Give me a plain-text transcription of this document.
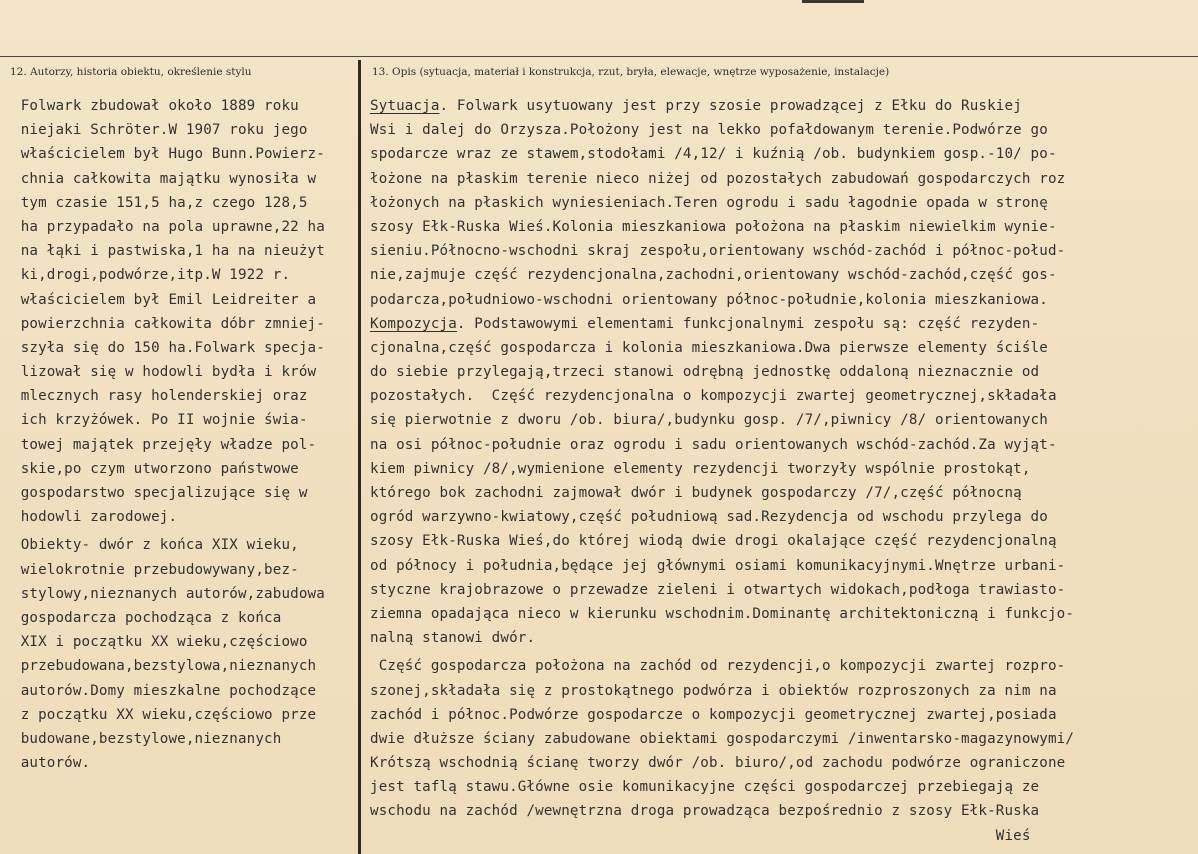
12. Autorzy, historia obiektu, określenie stylu	13. Opis (sytuacja, materiał i konstrukcja, rzut, bryła, elewacje, wnętrze wyposażenie, instalacje)
Folwark zbudował około 1889 roku
niejaki Schröter.W 1907 roku jego
właścicielem był Hugo Bunn.Powierz-
chnia całkowita majątku wynosiła w
tym czasie 151,5 ha,z czego 128,5
ha przypadało na pola uprawne,22 ha
na łąki i pastwiska,1 ha na nieużyt
ki,drogi,podwórze,itp.W 1922 r.
właścicielem był Emil Leidreiter a
powierzchnia całkowita dóbr zmniej-
szyła się do 150 ha.Folwark specja-
lizował się w hodowli bydła i krów
mlecznych rasy holenderskiej oraz
ich krzyżówek. Po II wojnie świa-
towej majątek przejęły władze pol-
skie,po czym utworzono państwowe
gospodarstwo specjalizujące się w
hodowli zarodowej.
Obiekty- dwór z końca XIX wieku,
wielokrotnie przebudowywany,bez-
stylowy,nieznanych autorów,zabudowa
gospodarcza pochodząca z końca
XIX i początku XX wieku,częściowo
przebudowana,bezstylowa,nieznanych
autorów.Domy mieszkalne pochodzące
z początku XX wieku,częściowo prze
budowane,bezstylowe,nieznanych
autorów.
Sytuacja. Folwark usytuowany jest przy szosie prowadzącej z Ełku do Ruskiej
Wsi i dalej do Orzysza.Położony jest na lekko pofałdowanym terenie.Podwórze go
spodarcze wraz ze stawem,stodołami /4,12/ i kuźnią /ob. budynkiem gosp.-10/ po-
łożone na płaskim terenie nieco niżej od pozostałych zabudowań gospodarczych roz
łożonych na płaskich wyniesieniach.Teren ogrodu i sadu łagodnie opada w stronę
szosy Ełk-Ruska Wieś.Kolonia mieszkaniowa położona na płaskim niewielkim wynie-
sieniu.Północno-wschodni skraj zespołu,orientowany wschód-zachód i północ-połud-
nie,zajmuje część rezydencjonalna,zachodni,orientowany wschód-zachód,część gos-
podarcza,południowo-wschodni orientowany północ-południe,kolonia mieszkaniowa.
Kompozycja. Podstawowymi elementami funkcjonalnymi zespołu są: część rezyden-
cjonalna,część gospodarcza i kolonia mieszkaniowa.Dwa pierwsze elementy ściśle
do siebie przylegają,trzeci stanowi odrębną jednostkę oddaloną nieznacznie od
pozostałych.  Część rezydencjonalna o kompozycji zwartej geometrycznej,składała
się pierwotnie z dworu /ob. biura/,budynku gosp. /7/,piwnicy /8/ orientowanych
na osi północ-południe oraz ogrodu i sadu orientowanych wschód-zachód.Za wyjąt-
kiem piwnicy /8/,wymienione elementy rezydencji tworzyły wspólnie prostokąt,
którego bok zachodni zajmował dwór i budynek gospodarczy /7/,część północną
ogród warzywno-kwiatowy,część południową sad.Rezydencja od wschodu przylega do
szosy Ełk-Ruska Wieś,do której wiodą dwie drogi okalające część rezydencjonalną
od północy i południa,będące jej głównymi osiami komunikacyjnymi.Wnętrze urbani-
styczne krajobrazowe o przewadze zieleni i otwartych widokach,podłoga trawiasto-
ziemna opadająca nieco w kierunku wschodnim.Dominantę architektoniczną i funkcjo-
nalną stanowi dwór.
Część gospodarcza położona na zachód od rezydencji,o kompozycji zwartej rozpro-
szonej,składała się z prostokątnego podwórza i obiektów rozproszonych za nim na
zachód i północ.Podwórze gospodarcze o kompozycji geometrycznej zwartej,posiada
dwie dłuższe ściany zabudowane obiektami gospodarczymi /inwentarsko-magazynowymi/
Krótszą wschodnią ścianę tworzy dwór /ob. biuro/,od zachodu podwórze ograniczone
jest taflą stawu.Główne osie komunikacyjne części gospodarczej przebiegają ze
wschodu na zachód /wewnętrzna droga prowadząca bezpośrednio z szosy Ełk-Ruska
Wieś
